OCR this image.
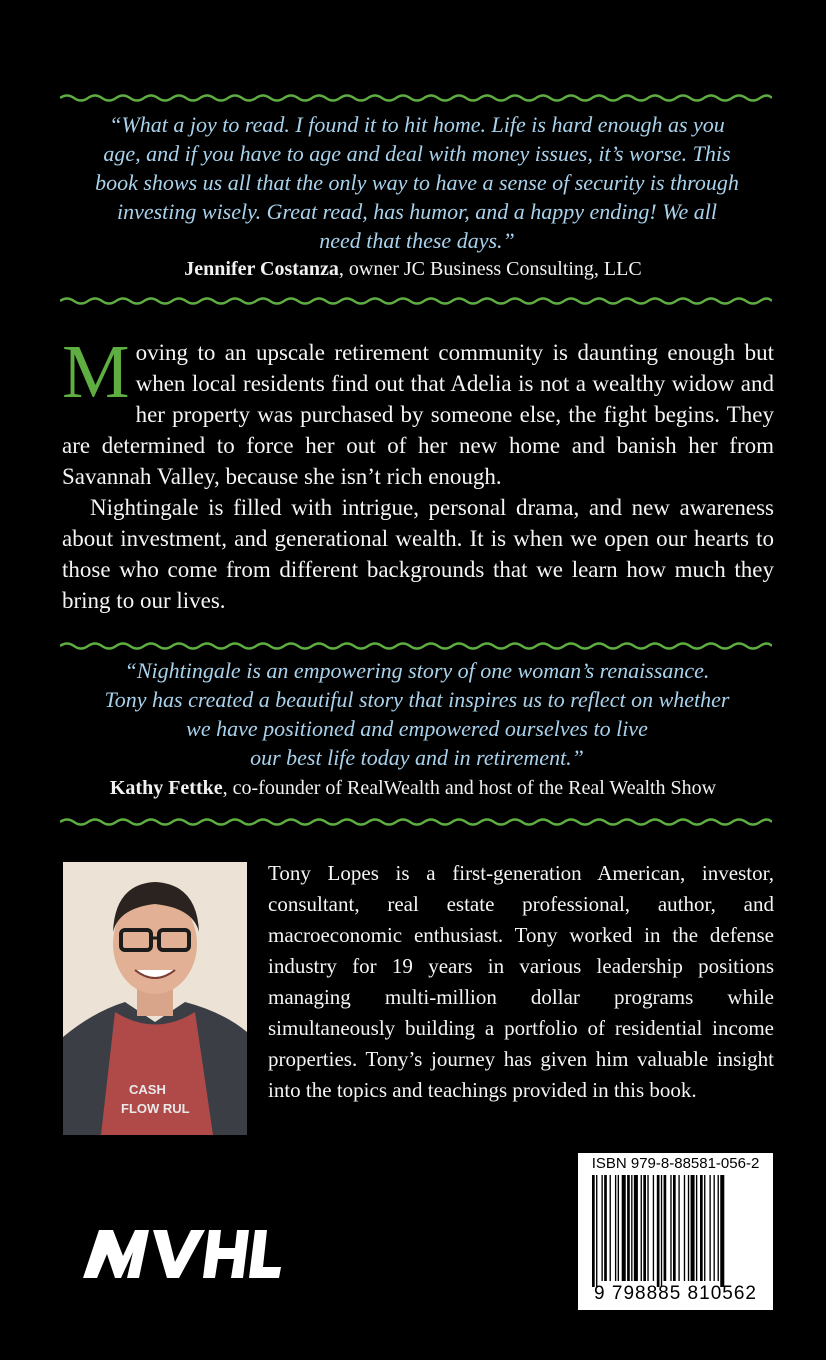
“What a joy to read. I found it to hit home. Life is hard enough as you
age, and if you have to age and deal with money issues, it’s worse. This
book shows us all that the only way to have a sense of security is through
investing wisely. Great read, has humor, and a happy ending! We all
need that these days.”
Jennifer Costanza, owner JC Business Consulting, LLC

Moving to an upscale retirement community is daunting enough but when local residents find out that Adelia is not a wealthy widow and her property was purchased by someone else, the fight begins. They are determined to force her out of her new home and banish her from Savannah Valley, because she isn’t rich enough.

Nightingale is filled with intrigue, personal drama, and new awareness about investment, and generational wealth. It is when we open our hearts to those who come from different backgrounds that we learn how much they bring to our lives.

“Nightingale is an empowering story of one woman’s renaissance.
Tony has created a beautiful story that inspires us to reflect on whether
we have positioned and empowered ourselves to live
our best life today and in retirement.”
Kathy Fettke, co-founder of RealWealth and host of the Real Wealth Show
CASH
FLOW RUL
Tony Lopes is a first-generation American, investor, consultant, real estate professional, author, and macroeconomic enthusiast. Tony worked in the defense industry for 19 years in various leadership positions managing multi-million dollar programs while simultaneously building a portfolio of residential income properties. Tony’s journey has given him valuable insight into the topics and teachings provided in this book.
ISBN 979-8-88581-056-2
9 798885 810562
